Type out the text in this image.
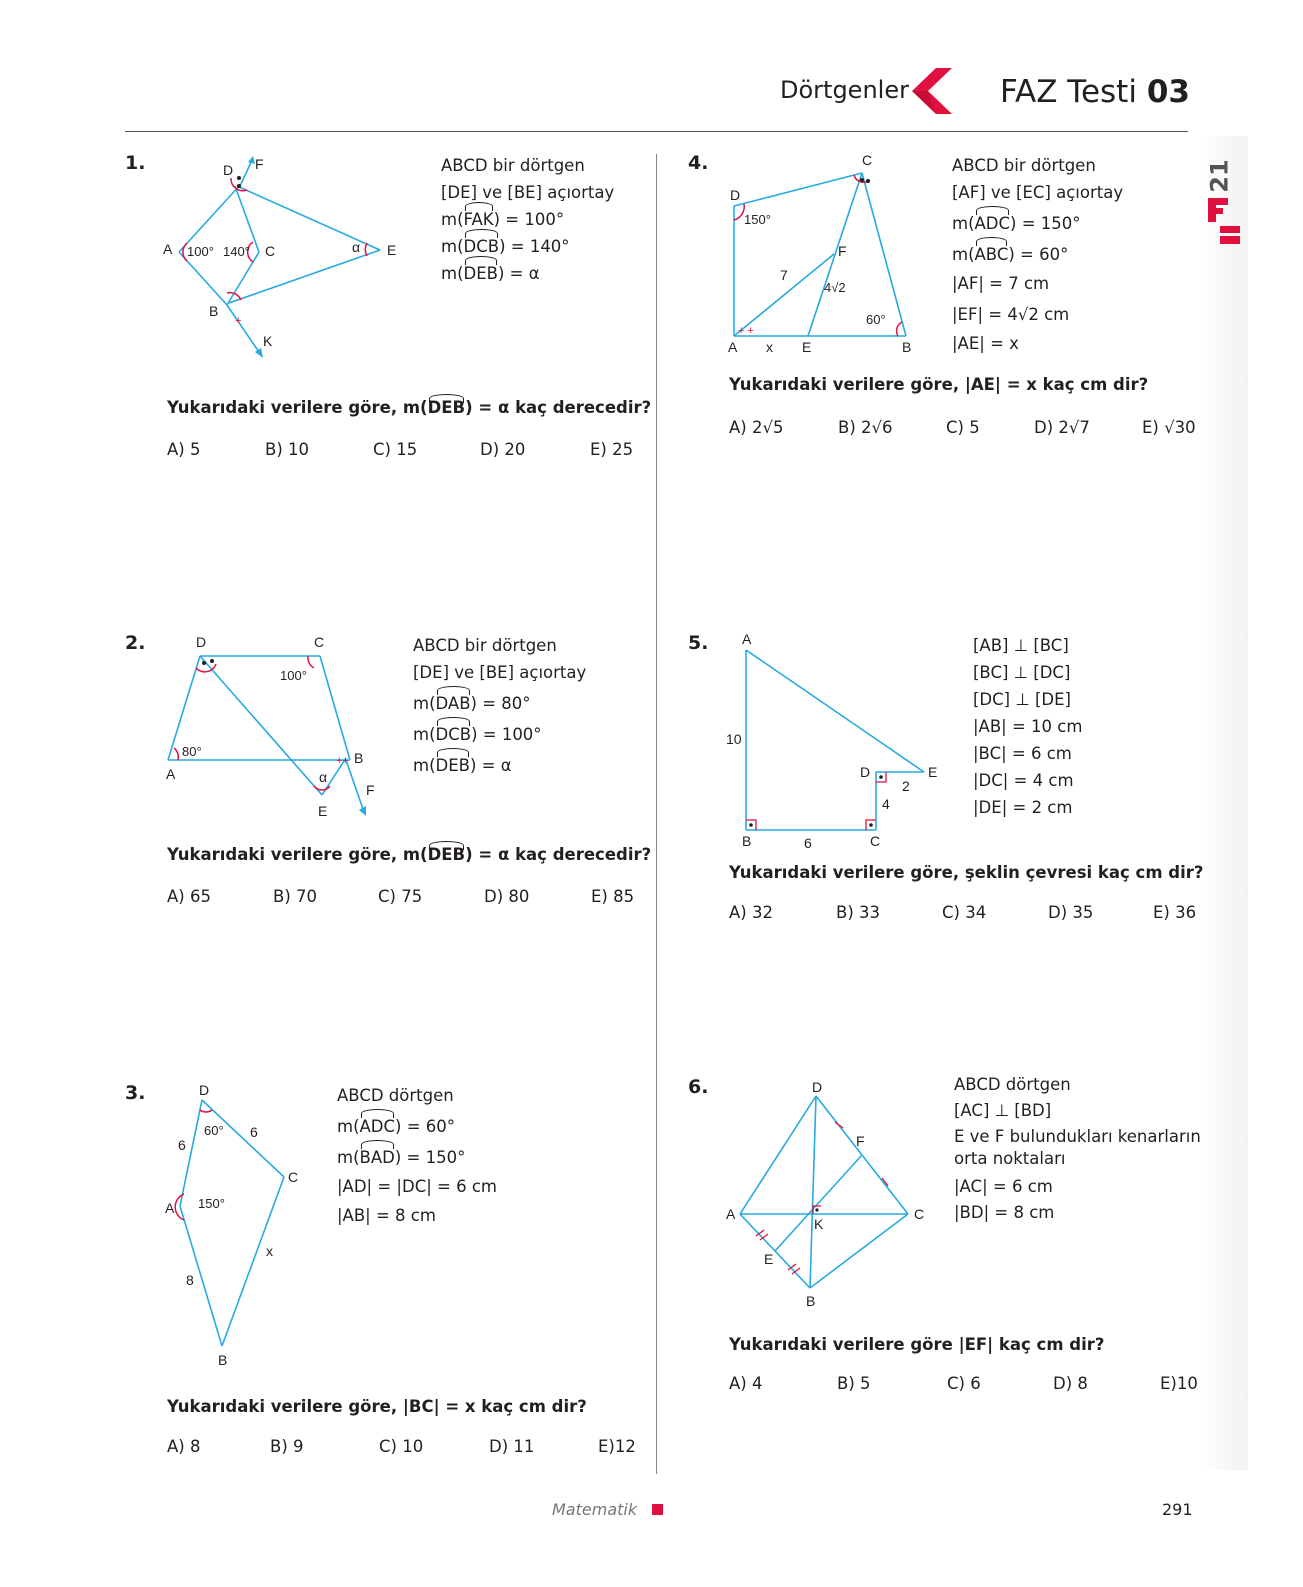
Dörtgenler	FAZ Testi 03
21
1.
+
D F
A 100° 140° C	α E
B
K
ABCD bir dörtgen
[DE] ve [BE] açıortay
m(FAK) = 100°
m(DCB) = 140°
m(DEB) = α
Yukarıdaki verilere göre, m(DEB) = α kaç derecedir?
A) 5	B) 10	C) 15	D) 20	E) 25
2.
++
D	C
100°
80°
A
B
α
E
F
ABCD bir dörtgen
[DE] ve [BE] açıortay
m(DAB) = 80°
m(DCB) = 100°
m(DEB) = α
Yukarıdaki verilere göre, m(DEB) = α kaç derecedir?
A) 65	B) 70	C) 75	D) 80	E) 85
3.	D
60°
6
6
C
A 150°
x
8
B
ABCD dörtgen
m(ADC) = 60°
m(BAD) = 150°
|AD| = |DC| = 6 cm
|AB| = 8 cm
Yukarıdaki verilere göre, |BC| = x kaç cm dir?
A) 8	B) 9	C) 10	D) 11	E)12
4.
+ +
C
D
150°
F
7
4√2
60°
A x E	B
ABCD bir dörtgen
[AF] ve [EC] açıortay
m(ADC) = 150°
m(ABC) = 60°
|AF| = 7 cm
|EF| = 4√2 cm
|AE| = x
Yukarıdaki verilere göre, |AE| = x kaç cm dir?
A) 2√5	B) 2√6	C) 5	D) 2√7	E) √30
5. A
10
D	E
2
4
B	6	C
[AB] ⊥ [BC]
[BC] ⊥ [DC]
[DC] ⊥ [DE]
|AB| = 10 cm
|BC| = 6 cm
|DC| = 4 cm
|DE| = 2 cm
Yukarıdaki verilere göre, şeklin çevresi kaç cm dir?
A) 32	B) 33	C) 34	D) 35	E) 36
6.	D
F
A
K
C
E
B
ABCD dörtgen
[AC] ⊥ [BD]
E ve F bulundukları kenarların
orta noktaları
|AC| = 6 cm
|BD| = 8 cm
Yukarıdaki verilere göre |EF| kaç cm dir?
A) 4	B) 5	C) 6	D) 8	E)10
Matematik	291
